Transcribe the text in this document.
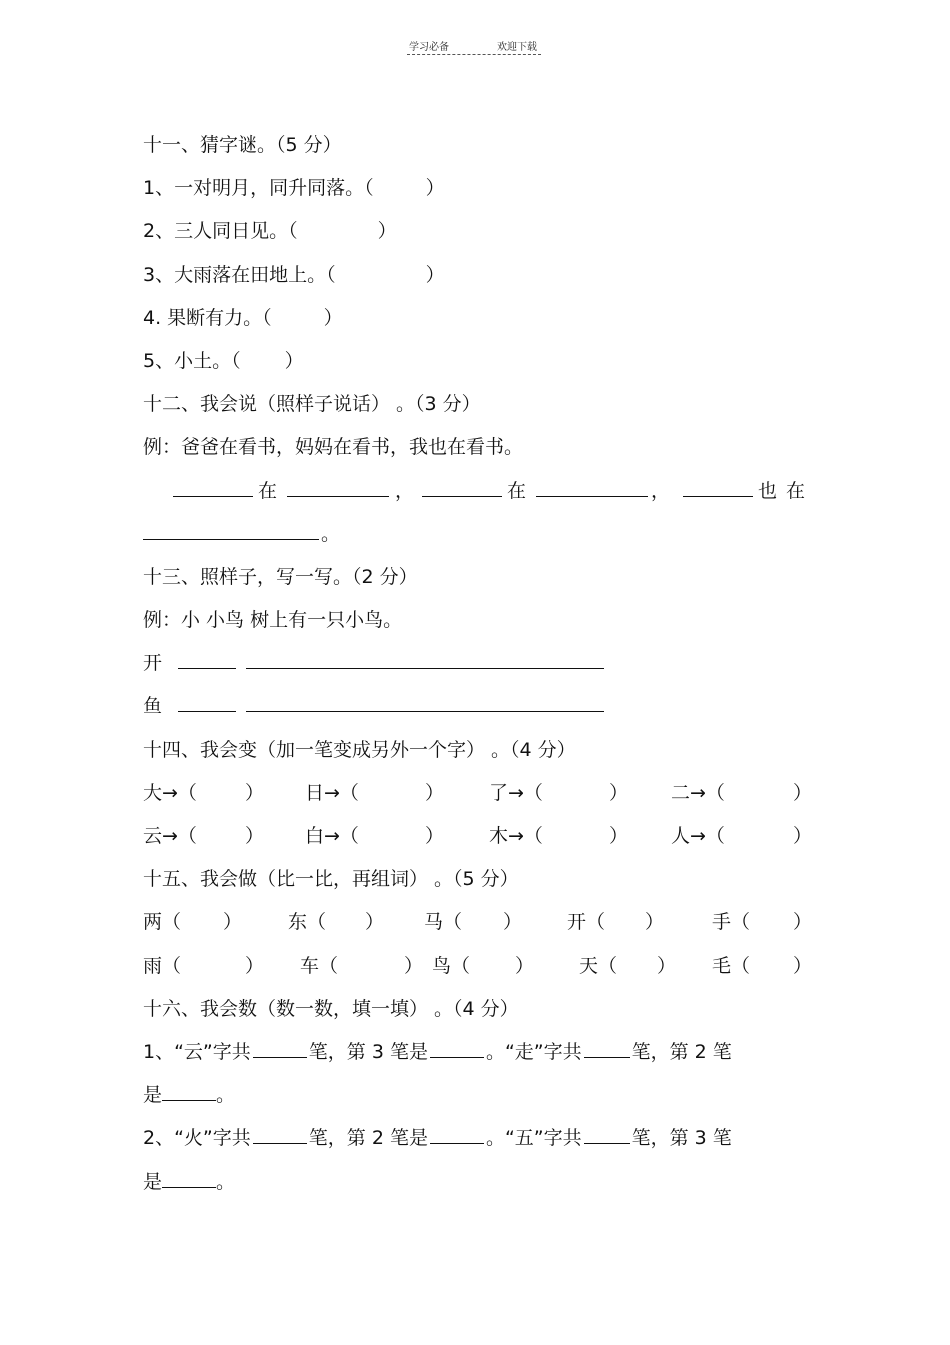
学习必备	欢迎下载
十一、猜字谜。（5 分）
1、一对明月，同升同落。（	）
2、三人同日见。（	）
3、大雨落在田地上。（	）
4. 果断有力。（	）
5、小土。（ ）
十二、我会说（照样子说话） 。（3 分）
例：爸爸在看书，妈妈在看书，我也在看书。
在	，	在	，	也 在
。
十三、照样子，写一写。（2 分）
例：小 小鸟 树上有一只小鸟。
开
鱼
十四、我会变（加一笔变成另外一个字） 。（4 分）
大→（	） 日→（	） 了→（	） 二→（	）
云→（	） 白→（	） 木→（	） 人→（	）
十五、我会做（比一比，再组词） 。（5 分）
两（ ） 东（ ） 马（ ） 开（ ）	手（ ）
雨（	） 车（	） 鸟（ ） 天（ ） 毛（ ）
十六、我会数（数一数，填一填） 。（4 分）
1、“云”字共	笔，第 3 笔是	。“走”字共	笔，第 2 笔
是	。
2、“火”字共	笔，第 2 笔是	。“五”字共	笔，第 3 笔
是	。
